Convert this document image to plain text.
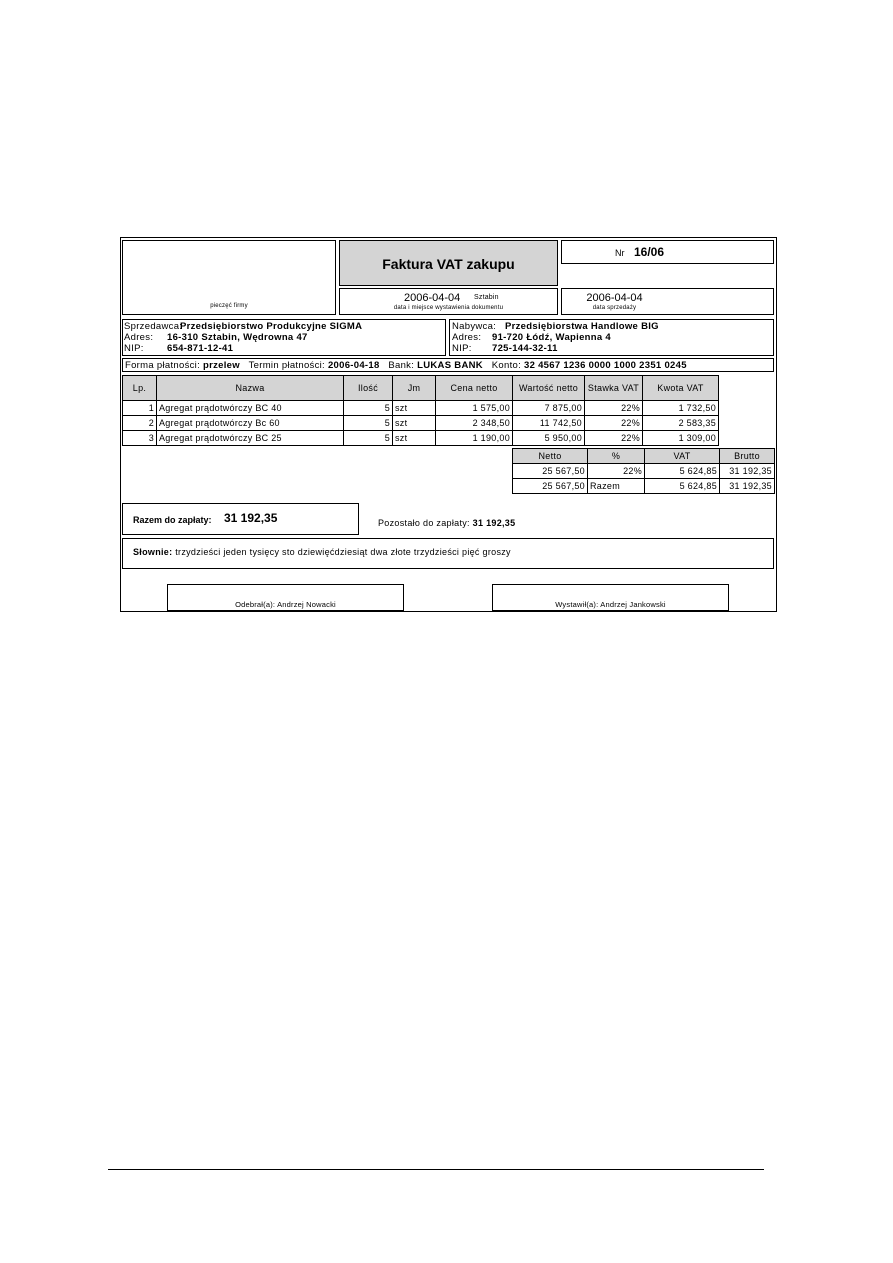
pieczęć firmy
Faktura VAT zakupu
Nr 16/06
2006-04-04 Sztabin
data i miejsce wystawienia dokumentu
2006-04-04
data sprzedaży
Sprzedawca:
Przedsiębiorstwo Produkcyjne SIGMA
Adres: 16-310 Sztabin, Wędrowna 47
NIP: 654-871-12-41
Nabywca: Przedsiębiorstwa Handlowe BIG
Adres: 91-720 Łódź, Wapienna 4
NIP: 725-144-32-11
Forma płatności: przelew Termin płatności: 2006-04-18 Bank: LUKAS BANK Konto: 32 4567 1236 0000 1000 2351 0245
Lp.	Nazwa	Ilość	Jm	Cena netto	Wartość netto	Stawka VAT	Kwota VAT
1	Agregat prądotwórczy BC 40	5	szt	1 575,00	7 875,00	22%	1 732,50
2	Agregat prądotwórczy Bc 60	5	szt	2 348,50	11 742,50	22%	2 583,35
3	Agregat prądotwórczy BC 25	5	szt	1 190,00	5 950,00	22%	1 309,00
Netto	%	VAT	Brutto
25 567,50	22%	5 624,85	31 192,35
25 567,50	Razem	5 624,85	31 192,35
Razem do zapłaty: 31 192,35	Pozostało do zapłaty: 31 192,35
Słownie: trzydzieści jeden tysięcy sto dziewięćdziesiąt dwa złote trzydzieści pięć groszy
Odebrał(a): Andrzej Nowacki	Wystawił(a): Andrzej Jankowski
